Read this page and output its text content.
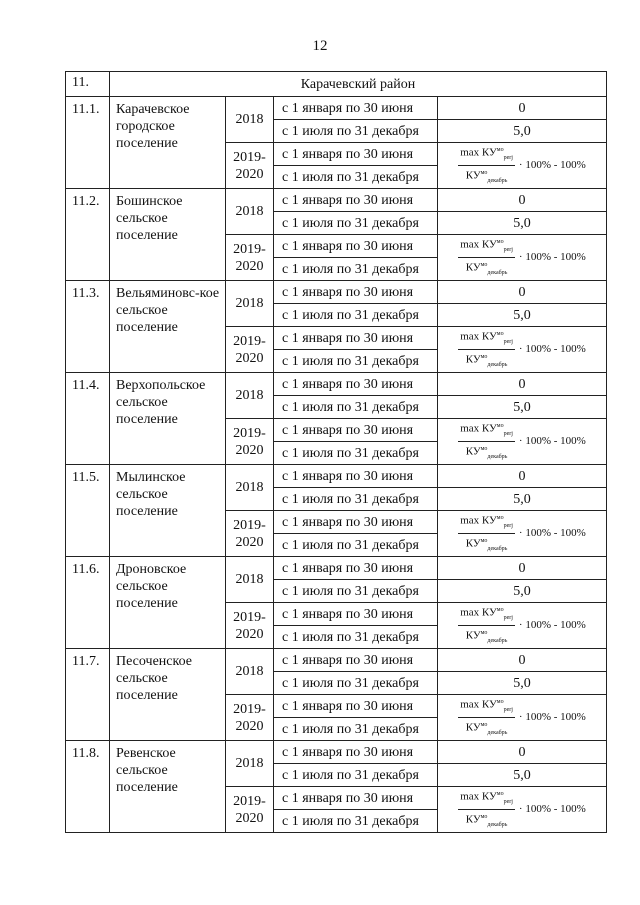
12
11.	Карачевский район			
11.1.	Карачевское городское поселение	2018	с 1 января по 30 июня	0
			с 1 июля по 31 декабря	5,0
		2019-2020	с 1 января по 30 июня	$\frac{\max КУ^{мо}_{реrj}}{КУ^{мо}_{декабрь}} \cdot 100\% - 100\%$

			с 1 июля по 31 декабря	
11.2.	Бошинское сельское поселение	2018	с 1 января по 30 июня	0
			с 1 июля по 31 декабря	5,0
		2019-2020	с 1 января по 30 июня	$\frac{\max КУ^{мо}_{реrj}}{КУ^{мо}_{декабрь}} \cdot 100\% - 100\%$

			с 1 июля по 31 декабря	
11.3.	Вельяминовс-кое сельское поселение	2018	с 1 января по 30 июня	0
			с 1 июля по 31 декабря	5,0
		2019-2020	с 1 января по 30 июня	$\frac{\max КУ^{мо}_{реrj}}{КУ^{мо}_{декабрь}} \cdot 100\% - 100\%$

			с 1 июля по 31 декабря	
11.4.	Верхопольское сельское поселение	2018	с 1 января по 30 июня	0
			с 1 июля по 31 декабря	5,0
		2019-2020	с 1 января по 30 июня	$\frac{\max КУ^{мо}_{реrj}}{КУ^{мо}_{декабрь}} \cdot 100\% - 100\%$

			с 1 июля по 31 декабря	
11.5.	Мылинское сельское поселение	2018	с 1 января по 30 июня	0
			с 1 июля по 31 декабря	5,0
		2019-2020	с 1 января по 30 июня	$\frac{\max КУ^{мо}_{реrj}}{КУ^{мо}_{декабрь}} \cdot 100\% - 100\%$

			с 1 июля по 31 декабря	
11.6.	Дроновское сельское поселение	2018	с 1 января по 30 июня	0
			с 1 июля по 31 декабря	5,0
		2019-2020	с 1 января по 30 июня	$\frac{\max КУ^{мо}_{реrj}}{КУ^{мо}_{декабрь}} \cdot 100\% - 100\%$

			с 1 июля по 31 декабря	
11.7.	Песоченское сельское поселение	2018	с 1 января по 30 июня	0
			с 1 июля по 31 декабря	5,0
		2019-2020	с 1 января по 30 июня	$\frac{\max КУ^{мо}_{реrj}}{КУ^{мо}_{декабрь}} \cdot 100\% - 100\%$

			с 1 июля по 31 декабря	
11.8.	Ревенское сельское поселение	2018	с 1 января по 30 июня	0
			с 1 июля по 31 декабря	5,0
		2019-2020	с 1 января по 30 июня	$\frac{\max КУ^{мо}_{реrj}}{КУ^{мо}_{декабрь}} \cdot 100\% - 100\%$

			с 1 июля по 31 декабря	
